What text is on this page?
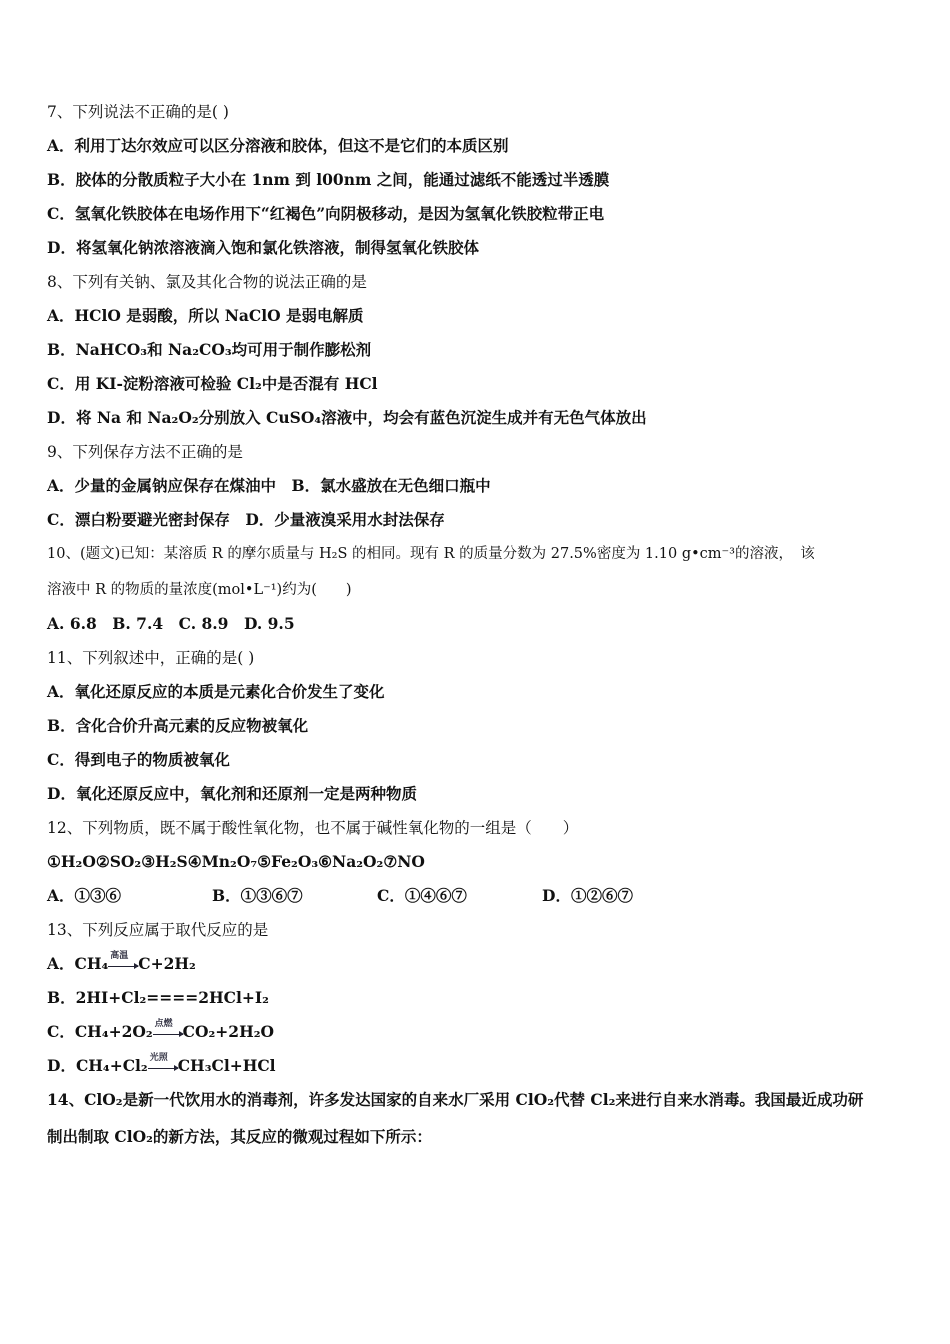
7、下列说法不正确的是( )
A．利用丁达尔效应可以区分溶液和胶体，但这不是它们的本质区别
B．胶体的分散质粒子大小在 1nm 到 l00nm 之间，能通过滤纸不能透过半透膜
C．氢氧化铁胶体在电场作用下“红褐色”向阴极移动，是因为氢氧化铁胶粒带正电
D．将氢氧化钠浓溶液滴入饱和氯化铁溶液，制得氢氧化铁胶体
8、下列有关钠、氯及其化合物的说法正确的是
A．HClO 是弱酸，所以 NaClO 是弱电解质
B．NaHCO₃和 Na₂CO₃均可用于制作膨松剂
C．用 KI-淀粉溶液可检验 Cl₂中是否混有 HCl
D．将 Na 和 Na₂O₂分别放入 CuSO₄溶液中，均会有蓝色沉淀生成并有无色气体放出
9、下列保存方法不正确的是
A．少量的金属钠应保存在煤油中　B．氯水盛放在无色细口瓶中
C．漂白粉要避光密封保存　D．少量液溴采用水封法保存
10、(题文)已知：某溶质 R 的摩尔质量与 H₂S 的相同。现有 R 的质量分数为 27.5%密度为 1.10 g•cm⁻³的溶液，　该
溶液中 R 的物质的量浓度(mol•L⁻¹)约为(　　)
A. 6.8　B. 7.4　C. 8.9　D. 9.5
11、下列叙述中，正确的是( )
A．氧化还原反应的本质是元素化合价发生了变化
B．含化合价升高元素的反应物被氧化
C．得到电子的物质被氧化
D．氧化还原反应中，氧化剂和还原剂一定是两种物质
12、下列物质，既不属于酸性氧化物，也不属于碱性氧化物的一组是（　　）
①H₂O②SO₂③H₂S④Mn₂O₇⑤Fe₂O₃⑥Na₂O₂⑦NO
A．①③⑥	B．①③⑥⑦	C．①④⑥⑦	D．①②⑥⑦
13、下列反应属于取代反应的是
A．CH₄ 高温 C+2H₂
B．2HI+Cl₂====2HCl+I₂
C．CH₄+2O₂ 点燃 CO₂+2H₂O
D．CH₄+Cl₂ 光照 CH₃Cl+HCl
14、ClO₂是新一代饮用水的消毒剂，许多发达国家的自来水厂采用 ClO₂代替 Cl₂来进行自来水消毒。我国最近成功研
制出制取 ClO₂的新方法，其反应的微观过程如下所示：
